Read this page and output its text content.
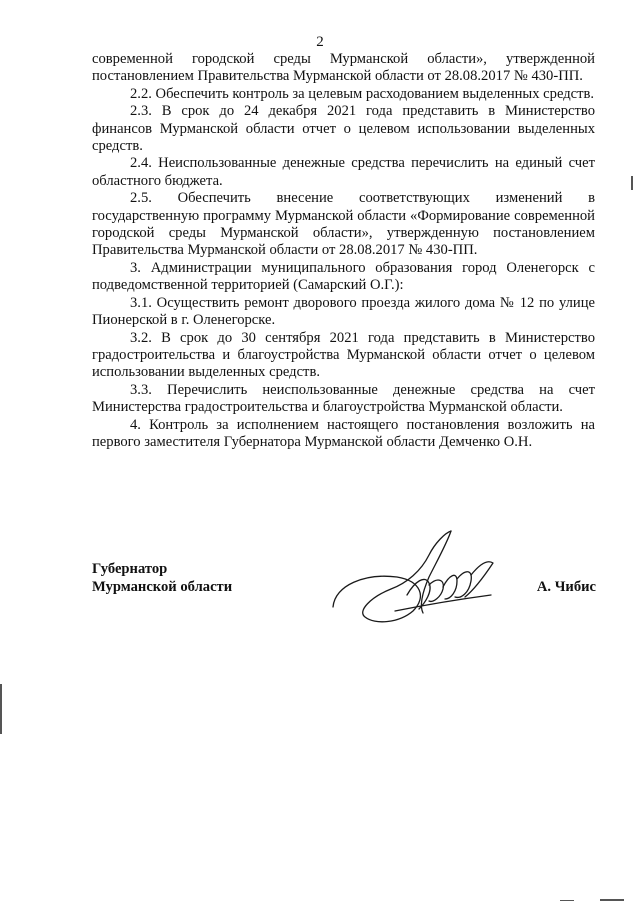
2

современной городской среды Мурманской области», утвержденной постановлением Правительства Мурманской области от 28.08.2017 № 430-ПП.

2.2. Обеспечить контроль за целевым расходованием выделенных средств.

2.3. В срок до 24 декабря 2021 года представить в Министерство финансов Мурманской области отчет о целевом использовании выделенных средств.

2.4. Неиспользованные денежные средства перечислить на единый счет областного бюджета.

2.5. Обеспечить внесение соответствующих изменений в государственную программу Мурманской области «Формирование современной городской среды Мурманской области», утвержденную постановлением Правительства Мурманской области от 28.08.2017 № 430-ПП.

3. Администрации муниципального образования город Оленегорск с подведомственной территорией (Самарский О.Г.):

3.1. Осуществить ремонт дворового проезда жилого дома № 12 по улице Пионерской в г. Оленегорске.

3.2. В срок до 30 сентября 2021 года представить в Министерство градостроительства и благоустройства Мурманской области отчет о целевом использовании выделенных средств.

3.3. Перечислить неиспользованные денежные средства на счет Министерства градостроительства и благоустройства Мурманской области.

4. Контроль за исполнением настоящего постановления возложить на первого заместителя Губернатора Мурманской области Демченко О.Н.

Губернатор
Мурманской области	А. Чибис
